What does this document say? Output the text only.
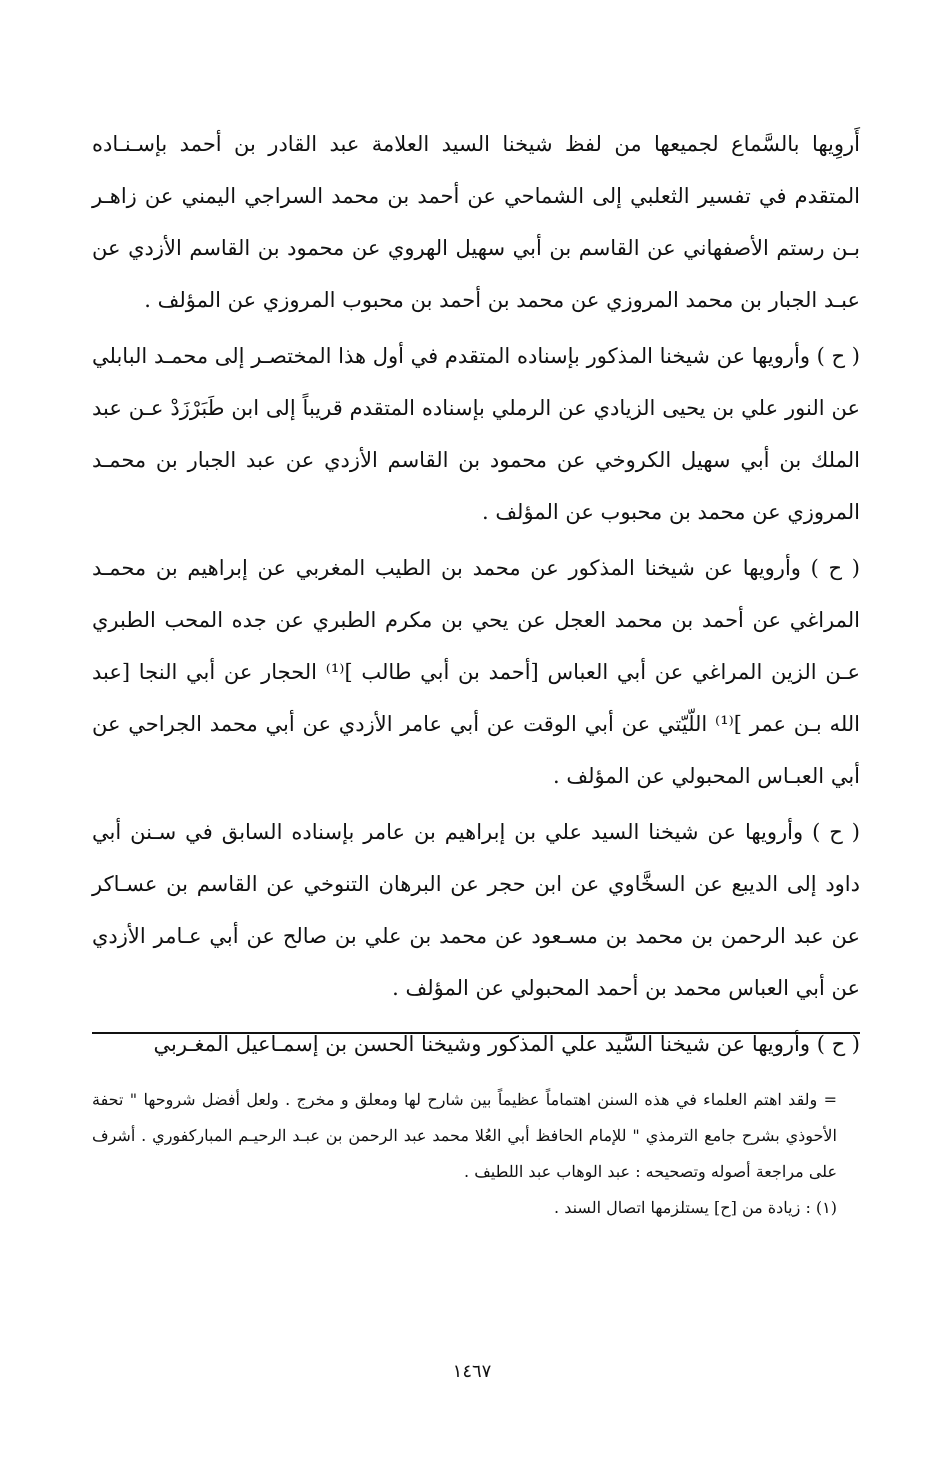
أَروِيها بالسَّماع لجميعها من لفظ شيخنا السيد العلامة عبد القادر بن أحمد بإسـنـاده المتقدم في تفسير الثعلبي إلى الشماحي عن أحمد بن محمد السراجي اليمني عن زاهـر بـن رستم الأصفهاني عن القاسم بن أبي سهيل الهروي عن محمود بن القاسم الأزدي عن عبـد الجبار بن محمد المروزي عن محمد بن أحمد بن محبوب المروزي عن المؤلف .

( ح ) وأرويها عن شيخنا المذكور بإسناده المتقدم في أول هذا المختصـر إلى محمـد البابلي عن النور علي بن يحيى الزيادي عن الرملي بإسناده المتقدم قريباً إلى ابن طَبَرْزَدْ عـن عبد الملك بن أبي سهيل الكروخي عن محمود بن القاسم الأزدي عن عبد الجبار بن محمـد المروزي عن محمد بن محبوب عن المؤلف .

( ح ) وأرويها عن شيخنا المذكور عن محمد بن الطيب المغربي عن إبراهيم بن محمـد المراغي عن أحمد بن محمد العجل عن يحي بن مكرم الطبري عن جده المحب الطبري عـن الزين المراغي عن أبي العباس [أحمد بن أبي طالب ]⁽¹⁾ الحجار عن أبي النجا [عبد الله بـن عمر ]⁽¹⁾ اللّيّتي عن أبي الوقت عن أبي عامر الأزدي عن أبي محمد الجراحي عن أبي العبـاس المحبولي عن المؤلف .

( ح ) وأرويها عن شيخنا السيد علي بن إبراهيم بن عامر بإسناده السابق في سـنن أبي داود إلى الديبع عن السخَّاوي عن ابن حجر عن البرهان التنوخي عن القاسم بن عسـاكر عن عبد الرحمن بن محمد بن مسـعود عن محمد بن علي بن صالح عن أبي عـامر الأزدي عن أبي العباس محمد بن أحمد المحبولي عن المؤلف .

( ح ) وأرويها عن شيخنا السَّيد علي المذكور وشيخنا الحسن بن إسمـاعيل المغـربي

= ولقد اهتم العلماء في هذه السنن اهتماماً عظيماً بين شارح لها ومعلق و مخرج . ولعل أفضل شروحها " تحفة الأحوذي بشرح جامع الترمذي " للإمام الحافظ أبي العُلا محمد عبد الرحمن بن عبـد الرحيـم المباركفوري . أشرف على مراجعة أصوله وتصحيحه : عبد الوهاب عبد اللطيف .

(١) : زيادة من [ح] يستلزمها اتصال السند .

١٤٦٧
